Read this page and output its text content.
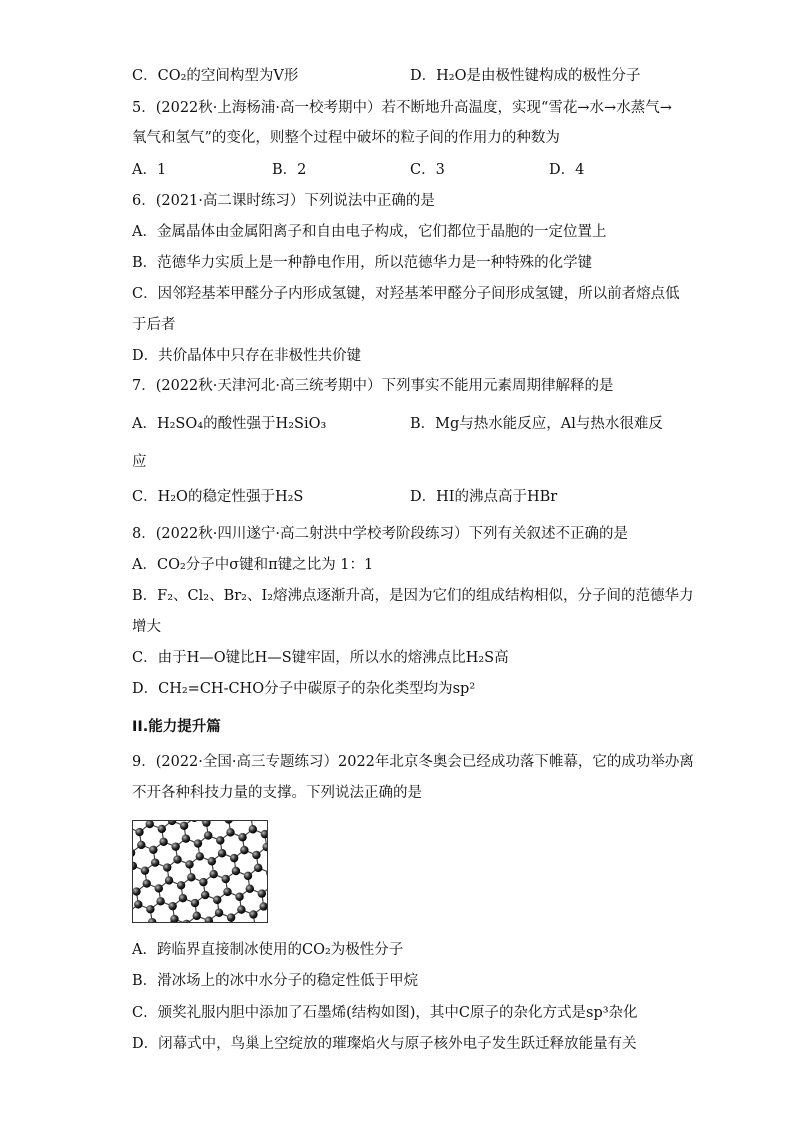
C．CO₂的空间构型为V形	D．H₂O是由极性键构成的极性分子
5．(2022秋·上海杨浦·高一校考期中）若不断地升高温度，实现“雪花→水→水蒸气→
氧气和氢气”的变化，则整个过程中破坏的粒子间的作用力的种数为
A．1	B．2	C．3	D．4
6．(2021·高二课时练习）下列说法中正确的是
A．金属晶体由金属阳离子和自由电子构成，它们都位于晶胞的一定位置上
B．范德华力实质上是一种静电作用，所以范德华力是一种特殊的化学键
C．因邻羟基苯甲醛分子内形成氢键，对羟基苯甲醛分子间形成氢键，所以前者熔点低
于后者
D．共价晶体中只存在非极性共价键
7．(2022秋·天津河北·高三统考期中）下列事实不能用元素周期律解释的是
A．H₂SO₄的酸性强于H₂SiO₃	B．Mg与热水能反应，Al与热水很难反
应
C．H₂O的稳定性强于H₂S	D．HI的沸点高于HBr
8．(2022秋·四川遂宁·高二射洪中学校考阶段练习）下列有关叙述不正确的是
A．CO₂分子中σ键和π键之比为 1：1
B．F₂、Cl₂、Br₂、I₂熔沸点逐渐升高，是因为它们的组成结构相似，分子间的范德华力
增大
C．由于H—O键比H—S键牢固，所以水的熔沸点比H₂S高
D．CH₂=CH-CHO分子中碳原子的杂化类型均为sp²
II.能力提升篇
9．(2022·全国·高三专题练习）2022年北京冬奥会已经成功落下帷幕，它的成功举办离
不开各种科技力量的支撑。下列说法正确的是
A．跨临界直接制冰使用的CO₂为极性分子
B．滑冰场上的冰中水分子的稳定性低于甲烷
C．颁奖礼服内胆中添加了石墨烯(结构如图)，其中C原子的杂化方式是sp³杂化
D．闭幕式中，鸟巢上空绽放的璀璨焰火与原子核外电子发生跃迁释放能量有关
